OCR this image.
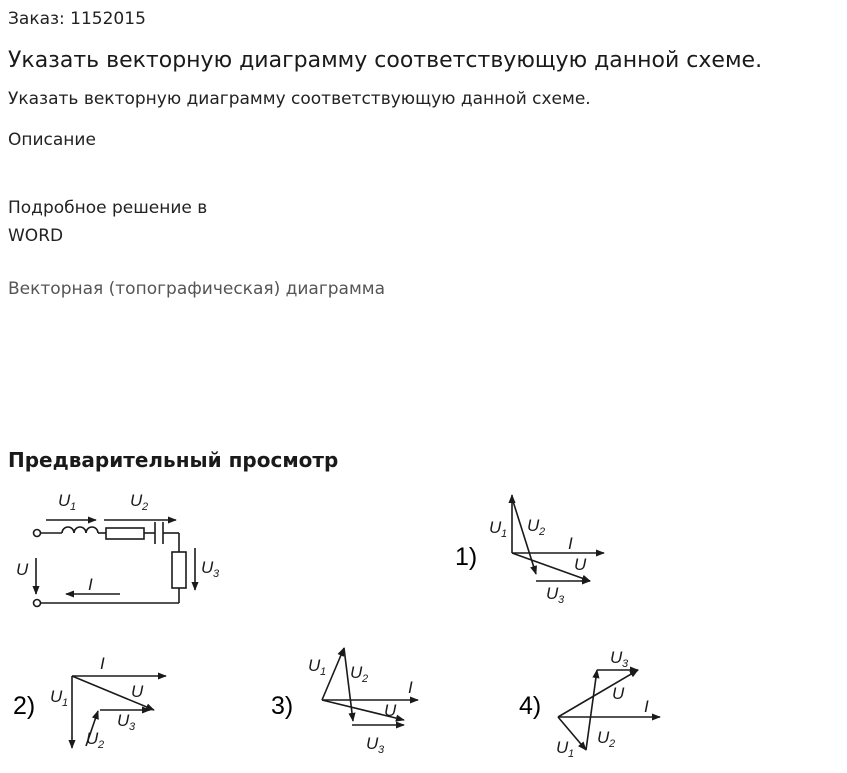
Заказ: 1152015
Указать векторную диаграмму соответствующую данной схеме.
Указать векторную диаграмму соответствующую данной схеме.
Описание
Подробное решение в
WORD
Векторная (топографическая) диаграмма
Предварительный просмотр
U 1	U 2
U 3
U
I
1)
U 1 U 2
I
U
U 3
2)
I
U
U 1
U 3
U 2
3)
U 1 U 2 I
U
U 3
4)
U 3
U
I
U 1
U 2
